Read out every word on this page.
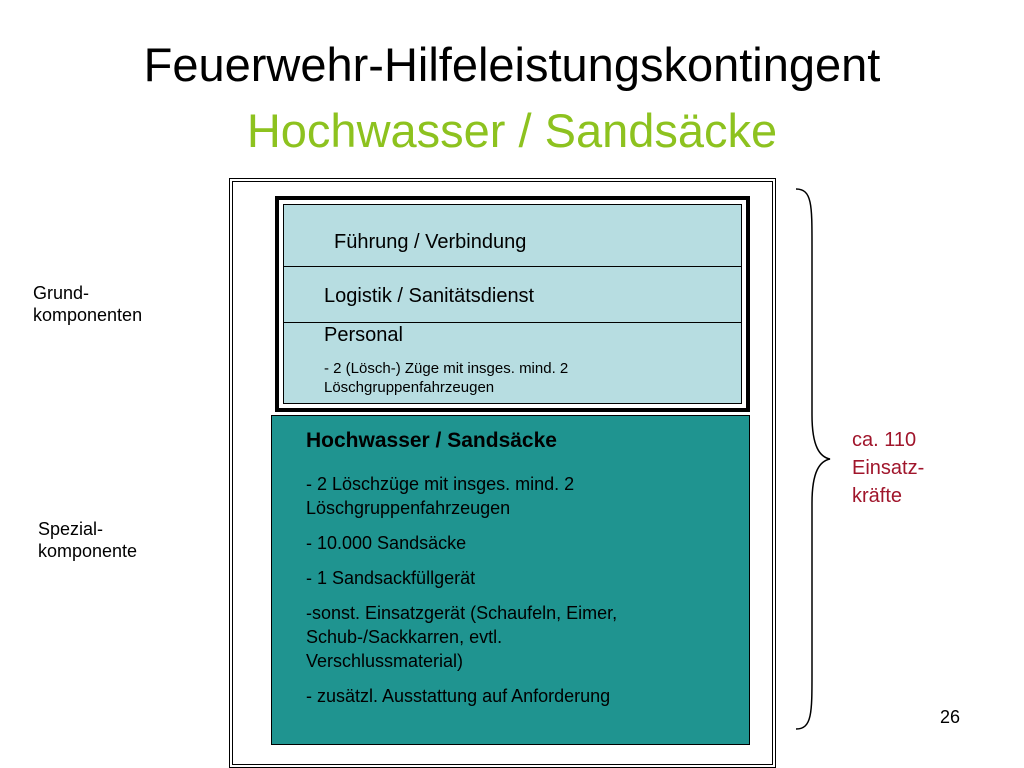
Feuerwehr-Hilfeleistungskontingent
Hochwasser / Sandsäcke
Grund-
komponenten
Spezial-
komponente
Führung / Verbindung
Logistik / Sanitätsdienst
Personal
- 2 (Lösch-) Züge mit insges. mind. 2
Löschgruppenfahrzeugen
Hochwasser / Sandsäcke
- 2 Löschzüge mit insges. mind. 2
Löschgruppenfahrzeugen
- 10.000 Sandsäcke
- 1 Sandsackfüllgerät
-sonst. Einsatzgerät (Schaufeln, Eimer,
Schub-/Sackkarren, evtl.
Verschlussmaterial)
- zusätzl. Ausstattung auf Anforderung
ca. 110
Einsatz-
kräfte
26
